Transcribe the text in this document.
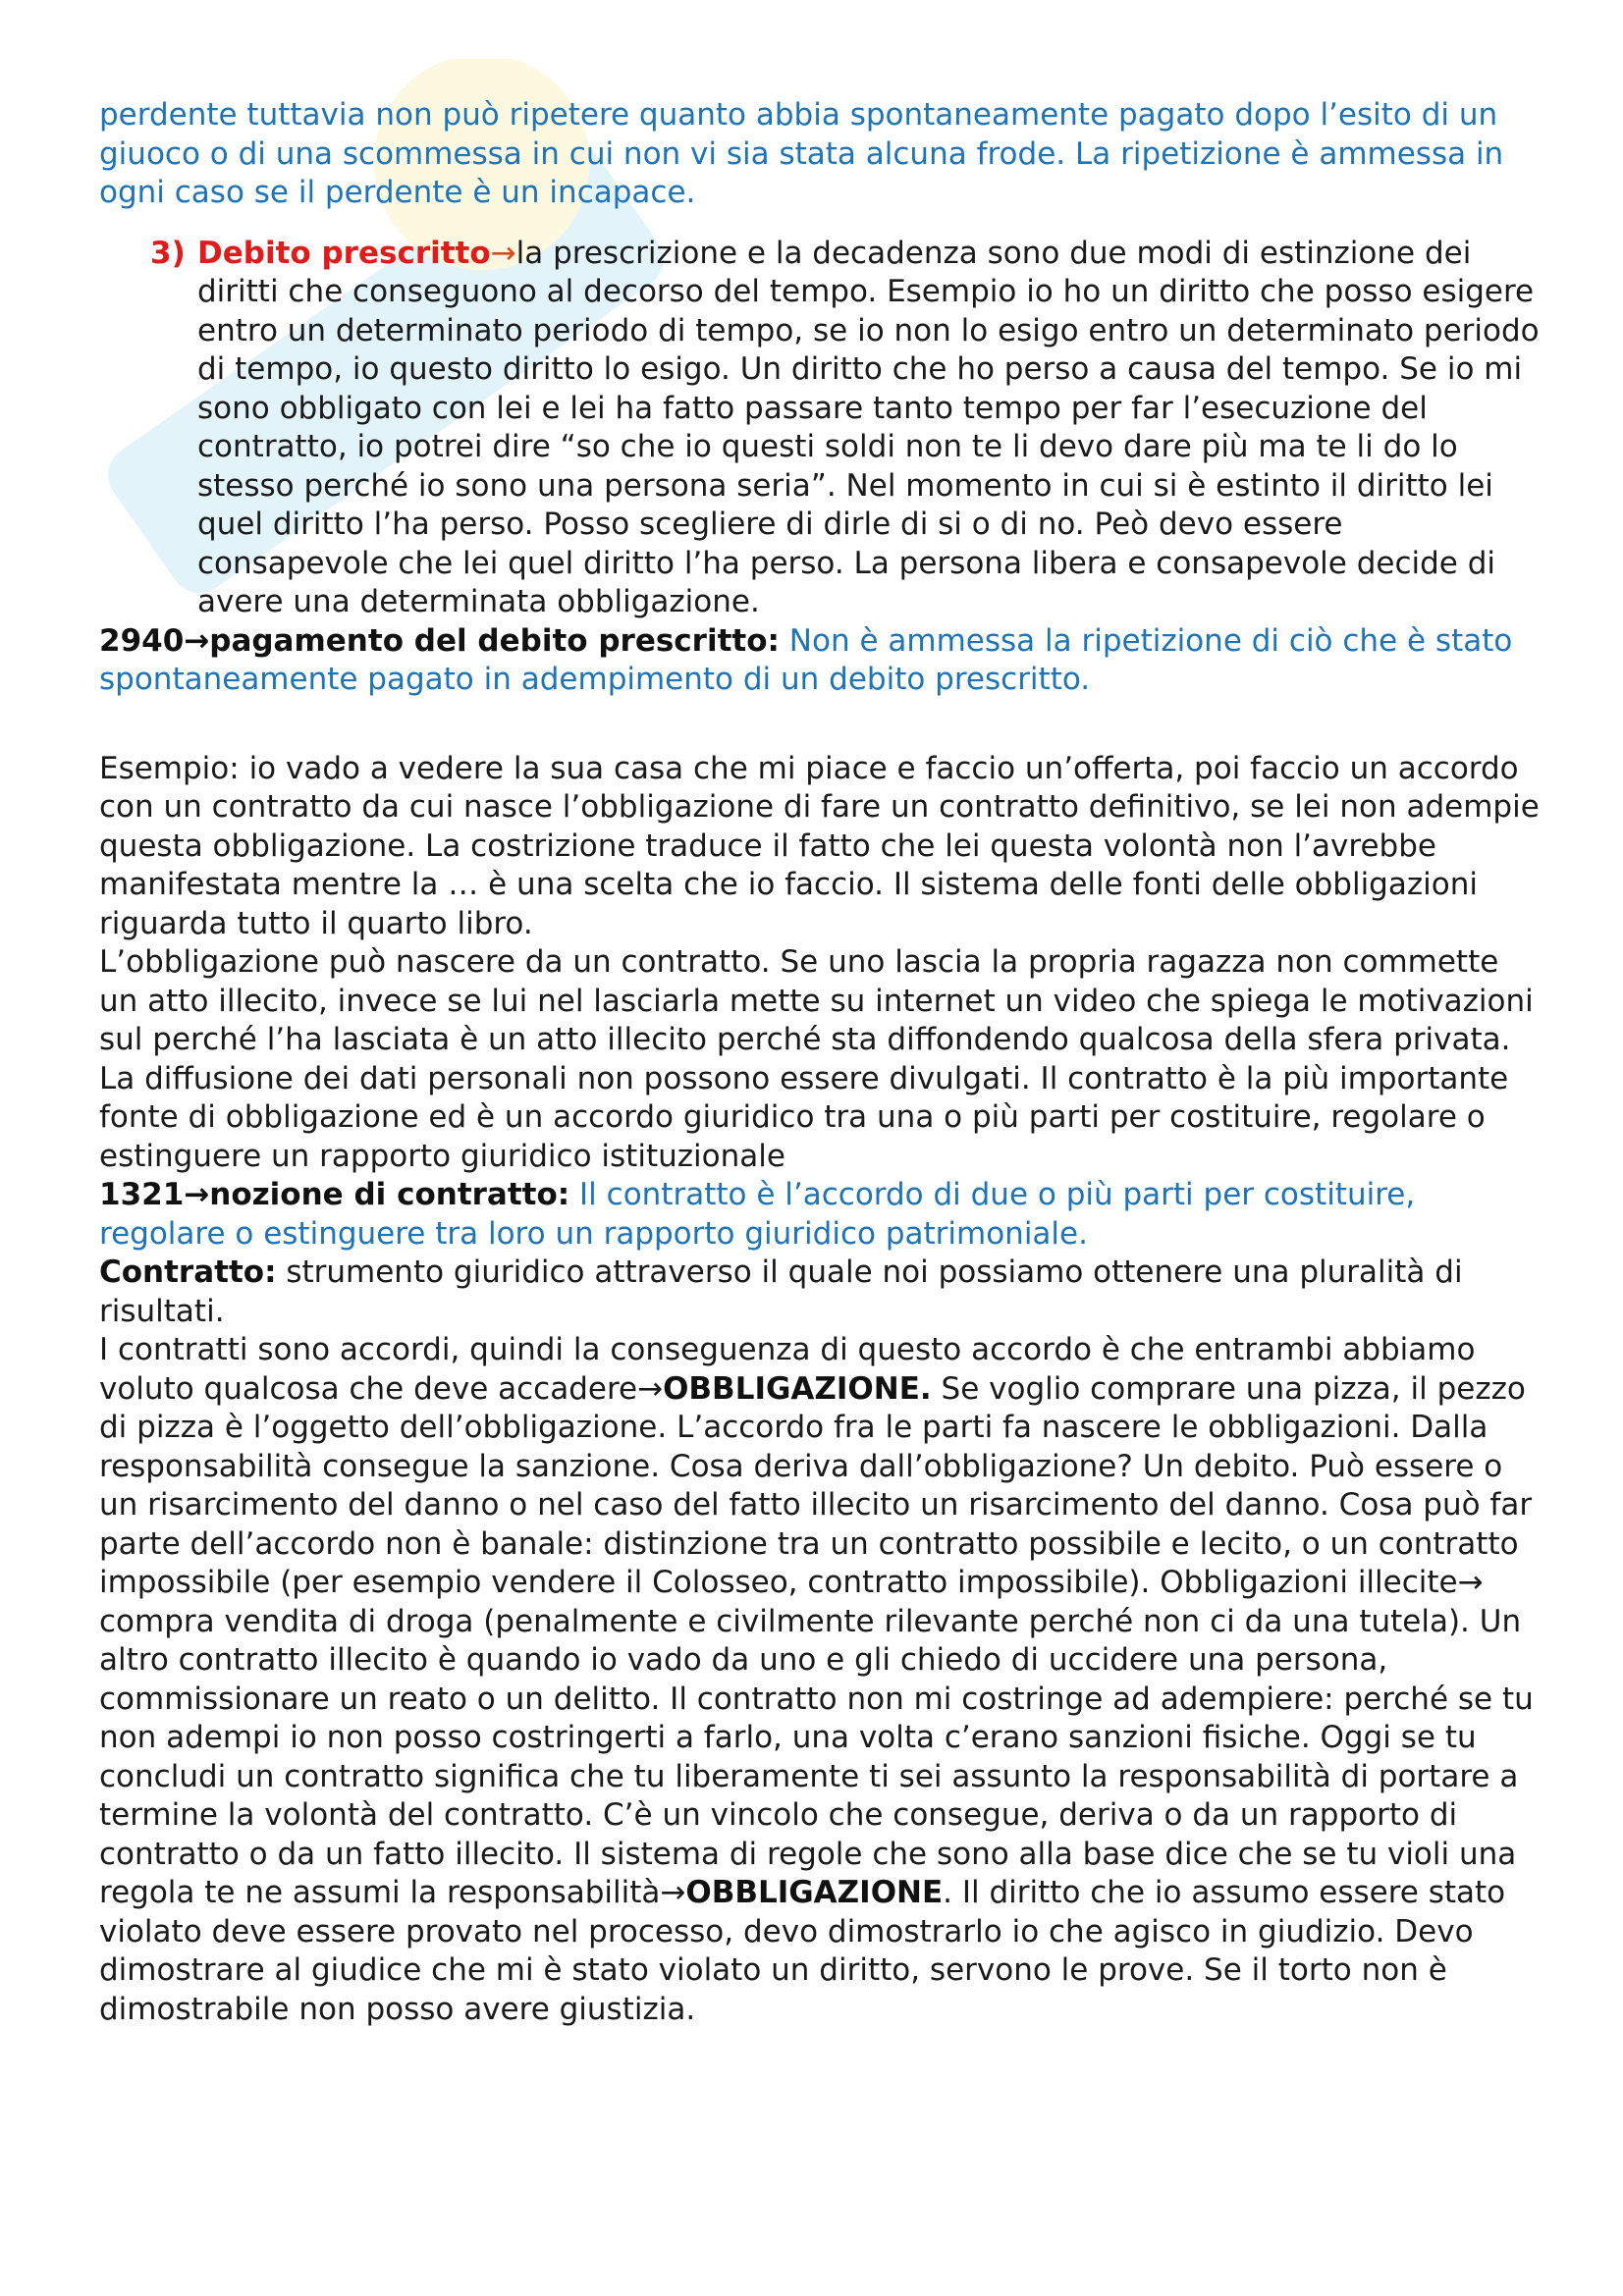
perdente tuttavia non può ripetere quanto abbia spontaneamente pagato dopo l’esito di un giuoco o di una scommessa in cui non vi sia stata alcuna frode. La ripetizione è ammessa in ogni caso se il perdente è un incapace.

3) Debito prescritto→la prescrizione e la decadenza sono due modi di estinzione dei diritti che conseguono al decorso del tempo. Esempio io ho un diritto che posso esigere entro un determinato periodo di tempo, se io non lo esigo entro un determinato periodo di tempo, io questo diritto lo esigo. Un diritto che ho perso a causa del tempo. Se io mi sono obbligato con lei e lei ha fatto passare tanto tempo per far l’esecuzione del contratto, io potrei dire “so che io questi soldi non te li devo dare più ma te li do lo stesso perché io sono una persona seria”. Nel momento in cui si è estinto il diritto lei quel diritto l’ha perso. Posso scegliere di dirle di si o di no. Peò devo essere consapevole che lei quel diritto l’ha perso. La persona libera e consapevole decide di avere una determinata obbligazione.

2940→pagamento del debito prescritto: Non è ammessa la ripetizione di ciò che è stato spontaneamente pagato in adempimento di un debito prescritto.

Esempio: io vado a vedere la sua casa che mi piace e faccio un’offerta, poi faccio un accordo con un contratto da cui nasce l’obbligazione di fare un contratto definitivo, se lei non adempie questa obbligazione. La costrizione traduce il fatto che lei questa volontà non l’avrebbe manifestata mentre la … è una scelta che io faccio. Il sistema delle fonti delle obbligazioni riguarda tutto il quarto libro.

L’obbligazione può nascere da un contratto. Se uno lascia la propria ragazza non commette un atto illecito, invece se lui nel lasciarla mette su internet un video che spiega le motivazioni sul perché l’ha lasciata è un atto illecito perché sta diffondendo qualcosa della sfera privata. La diffusione dei dati personali non possono essere divulgati. Il contratto è la più importante fonte di obbligazione ed è un accordo giuridico tra una o più parti per costituire, regolare o estinguere un rapporto giuridico istituzionale

1321→nozione di contratto: Il contratto è l’accordo di due o più parti per costituire, regolare o estinguere tra loro un rapporto giuridico patrimoniale.

Contratto: strumento giuridico attraverso il quale noi possiamo ottenere una pluralità di risultati.

I contratti sono accordi, quindi la conseguenza di questo accordo è che entrambi abbiamo voluto qualcosa che deve accadere→OBBLIGAZIONE. Se voglio comprare una pizza, il pezzo di pizza è l’oggetto dell’obbligazione. L’accordo fra le parti fa nascere le obbligazioni. Dalla responsabilità consegue la sanzione. Cosa deriva dall’obbligazione? Un debito. Può essere o un risarcimento del danno o nel caso del fatto illecito un risarcimento del danno. Cosa può far parte dell’accordo non è banale: distinzione tra un contratto possibile e lecito, o un contratto impossibile (per esempio vendere il Colosseo, contratto impossibile). Obbligazioni illecite→ compra vendita di droga (penalmente e civilmente rilevante perché non ci da una tutela). Un altro contratto illecito è quando io vado da uno e gli chiedo di uccidere una persona, commissionare un reato o un delitto. Il contratto non mi costringe ad adempiere: perché se tu non adempi io non posso costringerti a farlo, una volta c’erano sanzioni fisiche. Oggi se tu concludi un contratto significa che tu liberamente ti sei assunto la responsabilità di portare a termine la volontà del contratto. C’è un vincolo che consegue, deriva o da un rapporto di contratto o da un fatto illecito. Il sistema di regole che sono alla base dice che se tu violi una regola te ne assumi la responsabilità→OBBLIGAZIONE. Il diritto che io assumo essere stato violato deve essere provato nel processo, devo dimostrarlo io che agisco in giudizio. Devo dimostrare al giudice che mi è stato violato un diritto, servono le prove. Se il torto non è dimostrabile non posso avere giustizia.
